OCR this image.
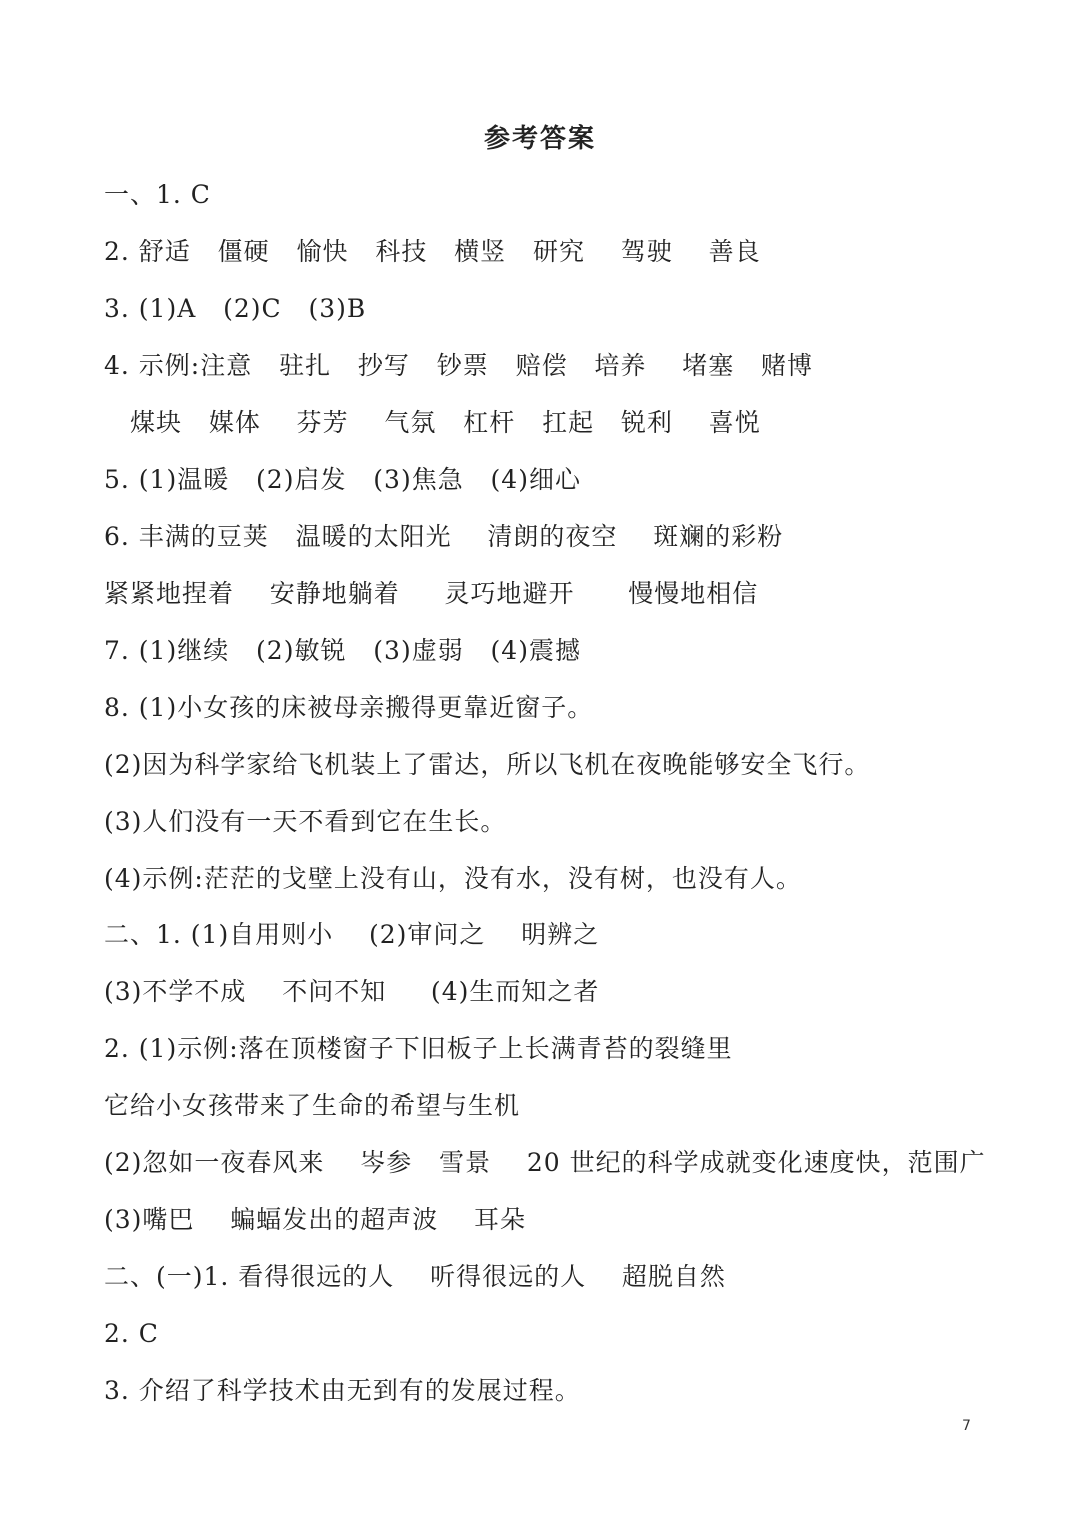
参考答案
一、1. C
2. 舒适   僵硬   愉快   科技   横竖   研究    驾驶    善良
3. (1)A   (2)C   (3)B
4. 示例:注意   驻扎   抄写   钞票   赔偿   培养    堵塞   赌博
煤块   媒体    芬芳    气氛   杠杆   扛起   锐利    喜悦
5. (1)温暖   (2)启发   (3)焦急   (4)细心
6. 丰满的豆荚   温暖的太阳光    清朗的夜空    斑斓的彩粉
紧紧地捏着    安静地躺着     灵巧地避开      慢慢地相信
7. (1)继续   (2)敏锐   (3)虚弱   (4)震撼
8. (1)小女孩的床被母亲搬得更靠近窗子。
(2)因为科学家给飞机装上了雷达，所以飞机在夜晚能够安全飞行。
(3)人们没有一天不看到它在生长。
(4)示例:茫茫的戈壁上没有山，没有水，没有树，也没有人。
二、1. (1)自用则小    (2)审问之    明辨之
(3)不学不成    不问不知     (4)生而知之者
2. (1)示例:落在顶楼窗子下旧板子上长满青苔的裂缝里
它给小女孩带来了生命的希望与生机
(2)忽如一夜春风来    岑参   雪景    20 世纪的科学成就变化速度快，范围广
(3)嘴巴    蝙蝠发出的超声波    耳朵
二、(一)1. 看得很远的人    听得很远的人    超脱自然
2. C
3. 介绍了科学技术由无到有的发展过程。
7
